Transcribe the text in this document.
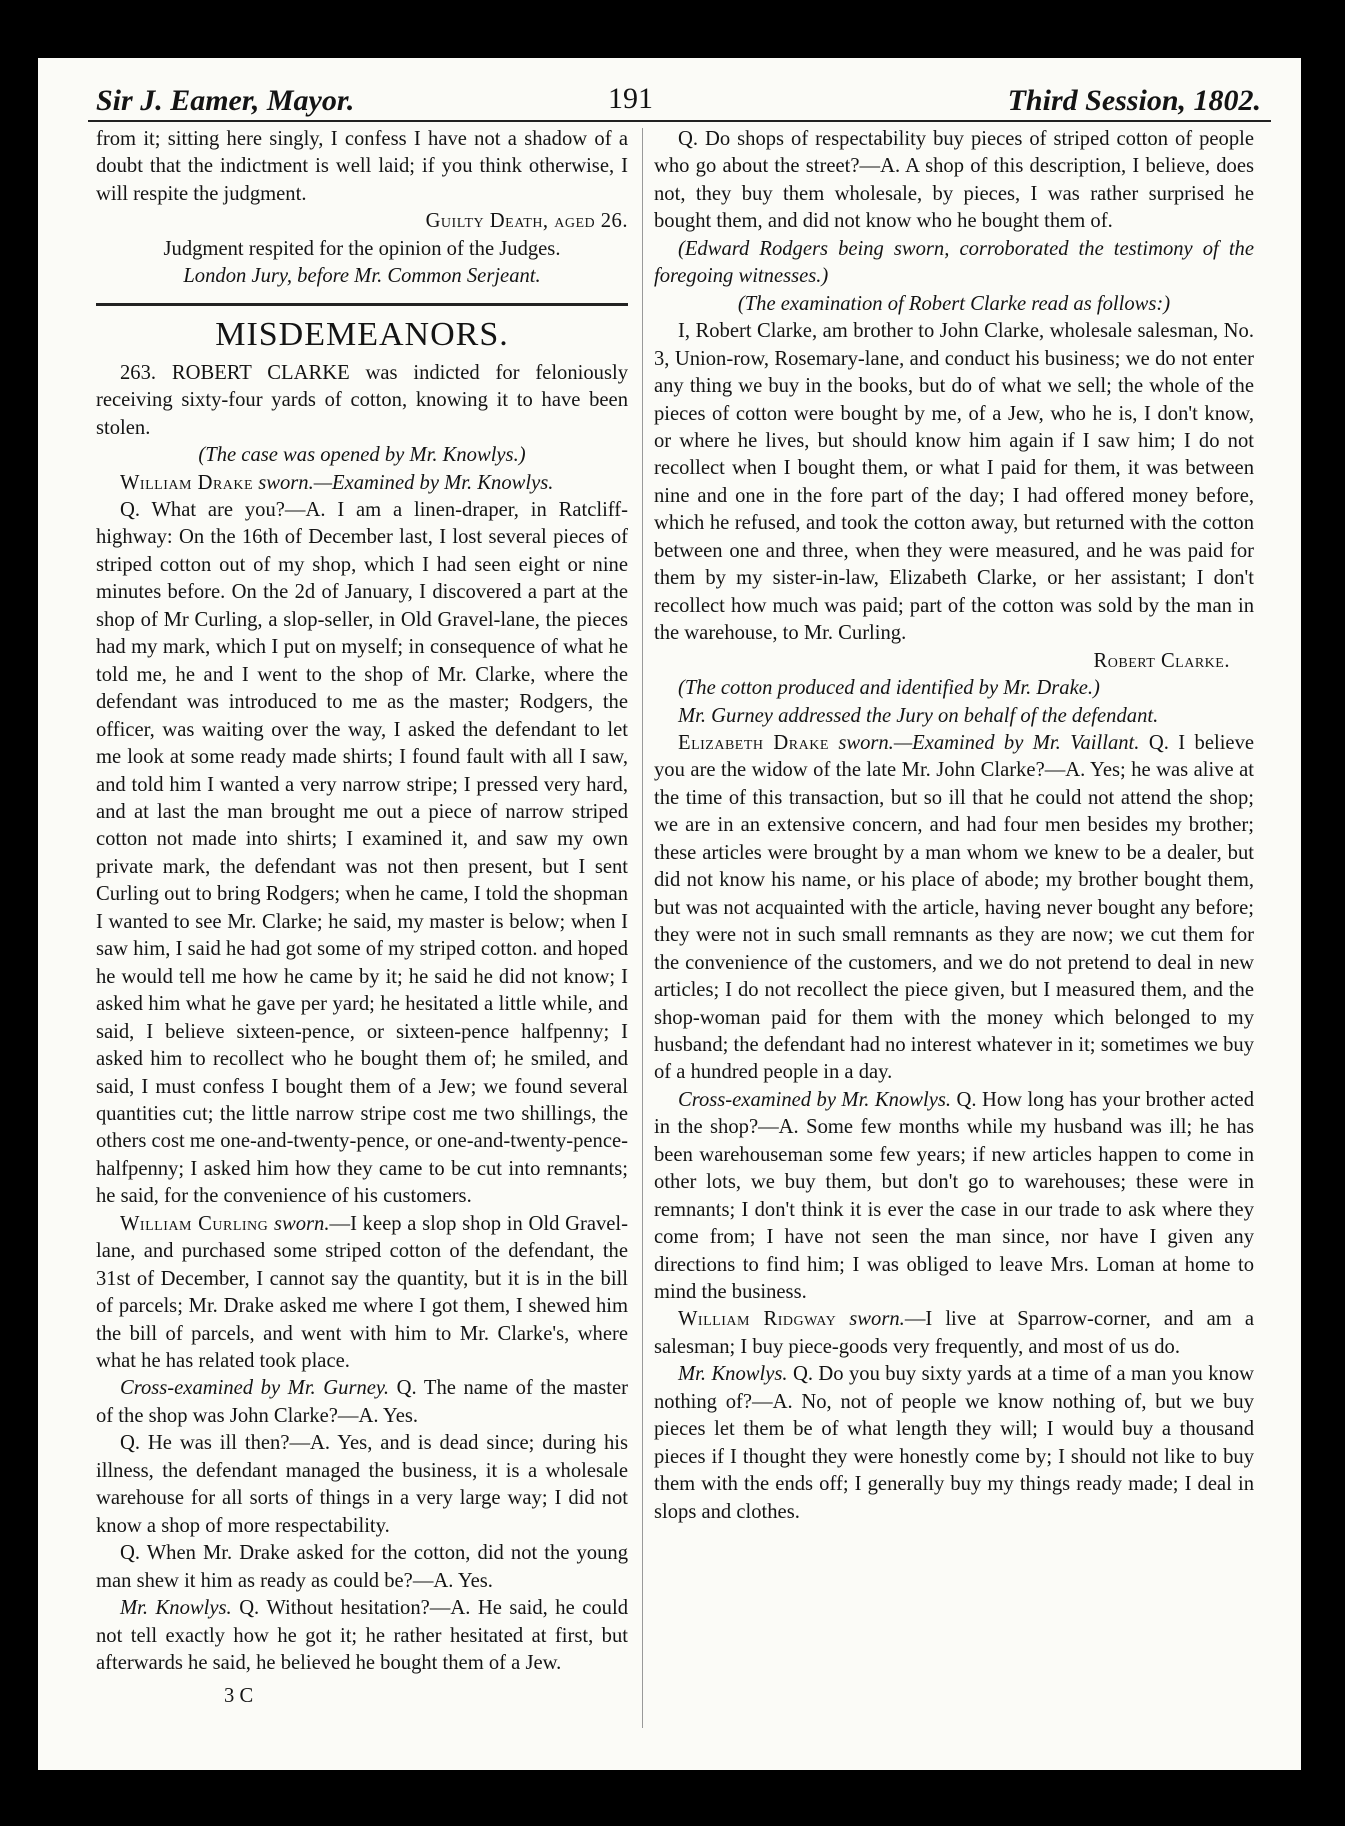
Sir J. Eamer, Mayor.	191	Third Session, 1802.

from it; sitting here singly, I confess I have not a shadow of a doubt that the indictment is well laid; if you think otherwise, I will respite the judgment.

Guilty Death, aged 26.

Judgment respited for the opinion of the Judges.

London Jury, before Mr. Common Serjeant.

MISDEMEANORS.

263. ROBERT CLARKE was indicted for feloniously receiving sixty-four yards of cotton, knowing it to have been stolen.

(The case was opened by Mr. Knowlys.)

William Drake sworn.—Examined by Mr. Knowlys.

Q. What are you?—A. I am a linen-draper, in Ratcliff-highway: On the 16th of December last, I lost several pieces of striped cotton out of my shop, which I had seen eight or nine minutes before. On the 2d of January, I discovered a part at the shop of Mr Curling, a slop-seller, in Old Gravel-lane, the pieces had my mark, which I put on myself; in consequence of what he told me, he and I went to the shop of Mr. Clarke, where the defendant was introduced to me as the master; Rodgers, the officer, was waiting over the way, I asked the defendant to let me look at some ready made shirts; I found fault with all I saw, and told him I wanted a very narrow stripe; I pressed very hard, and at last the man brought me out a piece of narrow striped cotton not made into shirts; I examined it, and saw my own private mark, the defendant was not then present, but I sent Curling out to bring Rodgers; when he came, I told the shopman I wanted to see Mr. Clarke; he said, my master is below; when I saw him, I said he had got some of my striped cotton. and hoped he would tell me how he came by it; he said he did not know; I asked him what he gave per yard; he hesitated a little while, and said, I believe sixteen-pence, or sixteen-pence halfpenny; I asked him to recollect who he bought them of; he smiled, and said, I must confess I bought them of a Jew; we found several quantities cut; the little narrow stripe cost me two shillings, the others cost me one-and-twenty-pence, or one-and-twenty-pence-halfpenny; I asked him how they came to be cut into remnants; he said, for the convenience of his customers.

William Curling sworn.—I keep a slop shop in Old Gravel-lane, and purchased some striped cotton of the defendant, the 31st of December, I cannot say the quantity, but it is in the bill of parcels; Mr. Drake asked me where I got them, I shewed him the bill of parcels, and went with him to Mr. Clarke's, where what he has related took place.

Cross-examined by Mr. Gurney. Q. The name of the master of the shop was John Clarke?—A. Yes.

Q. He was ill then?—A. Yes, and is dead since; during his illness, the defendant managed the business, it is a wholesale warehouse for all sorts of things in a very large way; I did not know a shop of more respectability.

Q. When Mr. Drake asked for the cotton, did not the young man shew it him as ready as could be?—A. Yes.

Mr. Knowlys. Q. Without hesitation?—A. He said, he could not tell exactly how he got it; he rather hesitated at first, but afterwards he said, he believed he bought them of a Jew.

3 C

Q. Do shops of respectability buy pieces of striped cotton of people who go about the street?—A. A shop of this description, I believe, does not, they buy them wholesale, by pieces, I was rather surprised he bought them, and did not know who he bought them of.

(Edward Rodgers being sworn, corroborated the testimony of the foregoing witnesses.)

(The examination of Robert Clarke read as follows:)

I, Robert Clarke, am brother to John Clarke, wholesale salesman, No. 3, Union-row, Rosemary-lane, and conduct his business; we do not enter any thing we buy in the books, but do of what we sell; the whole of the pieces of cotton were bought by me, of a Jew, who he is, I don't know, or where he lives, but should know him again if I saw him; I do not recollect when I bought them, or what I paid for them, it was between nine and one in the fore part of the day; I had offered money before, which he refused, and took the cotton away, but returned with the cotton between one and three, when they were measured, and he was paid for them by my sister-in-law, Elizabeth Clarke, or her assistant; I don't recollect how much was paid; part of the cotton was sold by the man in the warehouse, to Mr. Curling.

Robert Clarke.

(The cotton produced and identified by Mr. Drake.)

Mr. Gurney addressed the Jury on behalf of the defendant.

Elizabeth Drake sworn.—Examined by Mr. Vaillant. Q. I believe you are the widow of the late Mr. John Clarke?—A. Yes; he was alive at the time of this transaction, but so ill that he could not attend the shop; we are in an extensive concern, and had four men besides my brother; these articles were brought by a man whom we knew to be a dealer, but did not know his name, or his place of abode; my brother bought them, but was not acquainted with the article, having never bought any before; they were not in such small remnants as they are now; we cut them for the convenience of the customers, and we do not pretend to deal in new articles; I do not recollect the piece given, but I measured them, and the shop-woman paid for them with the money which belonged to my husband; the defendant had no interest whatever in it; sometimes we buy of a hundred people in a day.

Cross-examined by Mr. Knowlys. Q. How long has your brother acted in the shop?—A. Some few months while my husband was ill; he has been warehouseman some few years; if new articles happen to come in other lots, we buy them, but don't go to warehouses; these were in remnants; I don't think it is ever the case in our trade to ask where they come from; I have not seen the man since, nor have I given any directions to find him; I was obliged to leave Mrs. Loman at home to mind the business.

William Ridgway sworn.—I live at Sparrow-corner, and am a salesman; I buy piece-goods very frequently, and most of us do.

Mr. Knowlys. Q. Do you buy sixty yards at a time of a man you know nothing of?—A. No, not of people we know nothing of, but we buy pieces let them be of what length they will; I would buy a thousand pieces if I thought they were honestly come by; I should not like to buy them with the ends off; I generally buy my things ready made; I deal in slops and clothes.
